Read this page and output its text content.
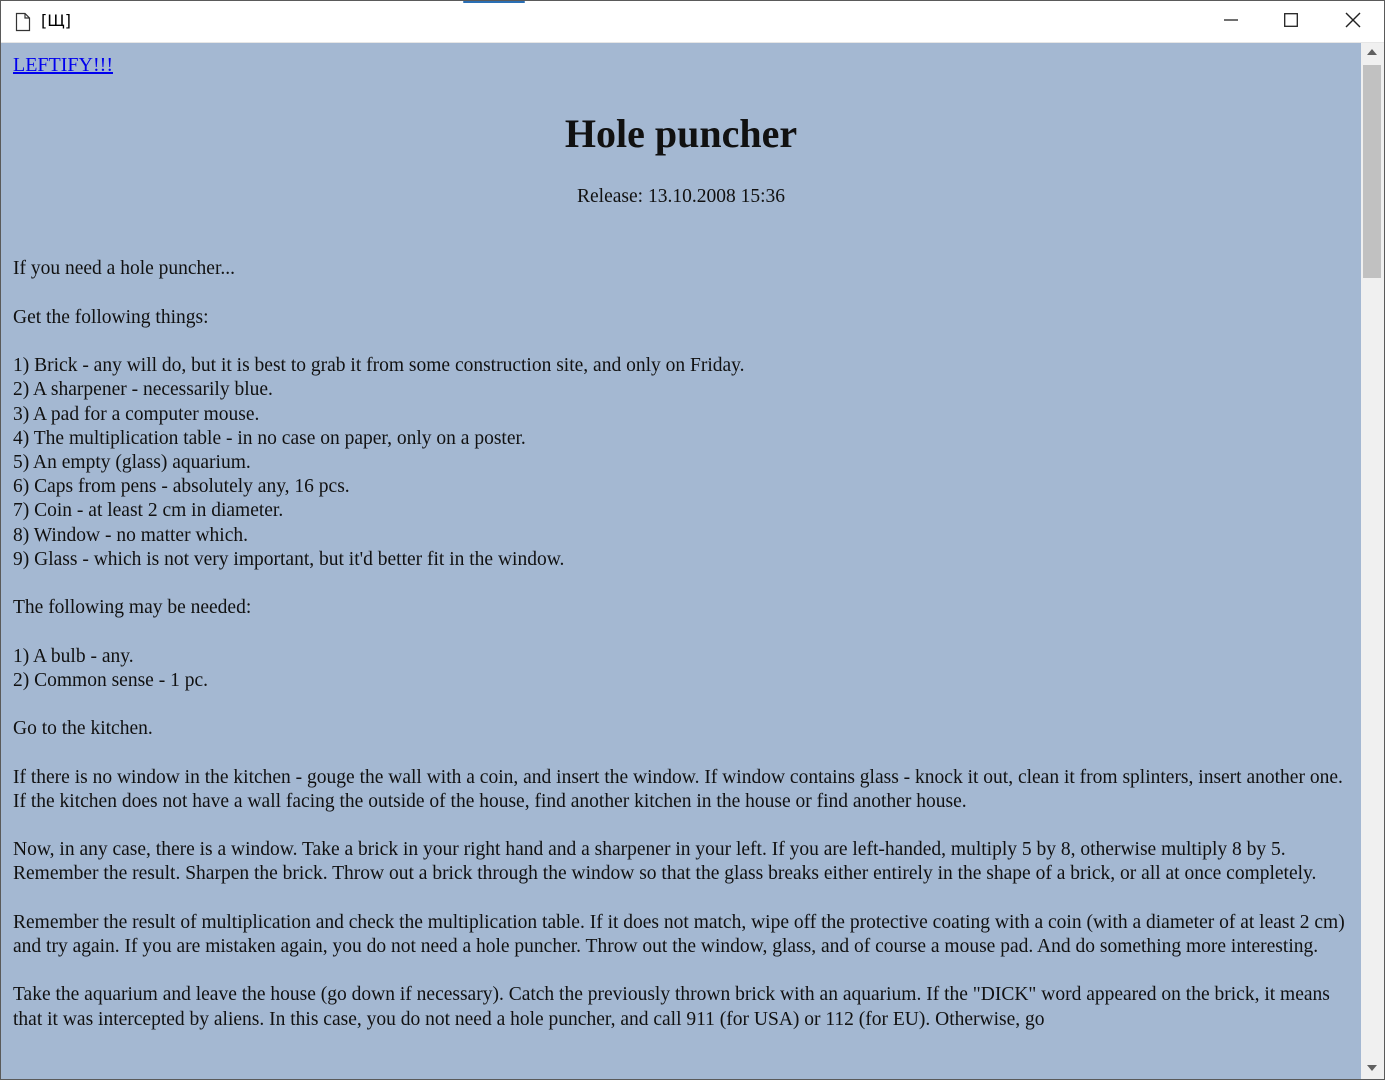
[Щ]
LEFTIFY!!!
Hole puncher
Release: 13.10.2008 15:36

If you need a hole puncher...

Get the following things:

1) Brick - any will do, but it is best to grab it from some construction site, and only on Friday.
2) A sharpener - necessarily blue.
3) A pad for a computer mouse.
4) The multiplication table - in no case on paper, only on a poster.
5) An empty (glass) aquarium.
6) Caps from pens - absolutely any, 16 pcs.
7) Coin - at least 2 cm in diameter.
8) Window - no matter which.
9) Glass - which is not very important, but it'd better fit in the window.

The following may be needed:

1) A bulb - any.
2) Common sense - 1 pc.

Go to the kitchen.

If there is no window in the kitchen - gouge the wall with a coin, and insert the window. If window contains glass - knock it out, clean it from splinters, insert another one. If the kitchen does not have a wall facing the outside of the house, find another kitchen in the house or find another house.

Now, in any case, there is a window. Take a brick in your right hand and a sharpener in your left. If you are left-handed, multiply 5 by 8, otherwise multiply 8 by 5. Remember the result. Sharpen the brick. Throw out a brick through the window so that the glass breaks either entirely in the shape of a brick, or all at once completely.

Remember the result of multiplication and check the multiplication table. If it does not match, wipe off the protective coating with a coin (with a diameter of at least 2 cm) and try again. If you are mistaken again, you do not need a hole puncher. Throw out the window, glass, and of course a mouse pad. And do something more interesting.

Take the aquarium and leave the house (go down if necessary). Catch the previously thrown brick with an aquarium. If the "DICK" word appeared on the brick, it means that it was intercepted by aliens. In this case, you do not need a hole puncher, and call 911 (for USA) or 112 (for EU). Otherwise, go
